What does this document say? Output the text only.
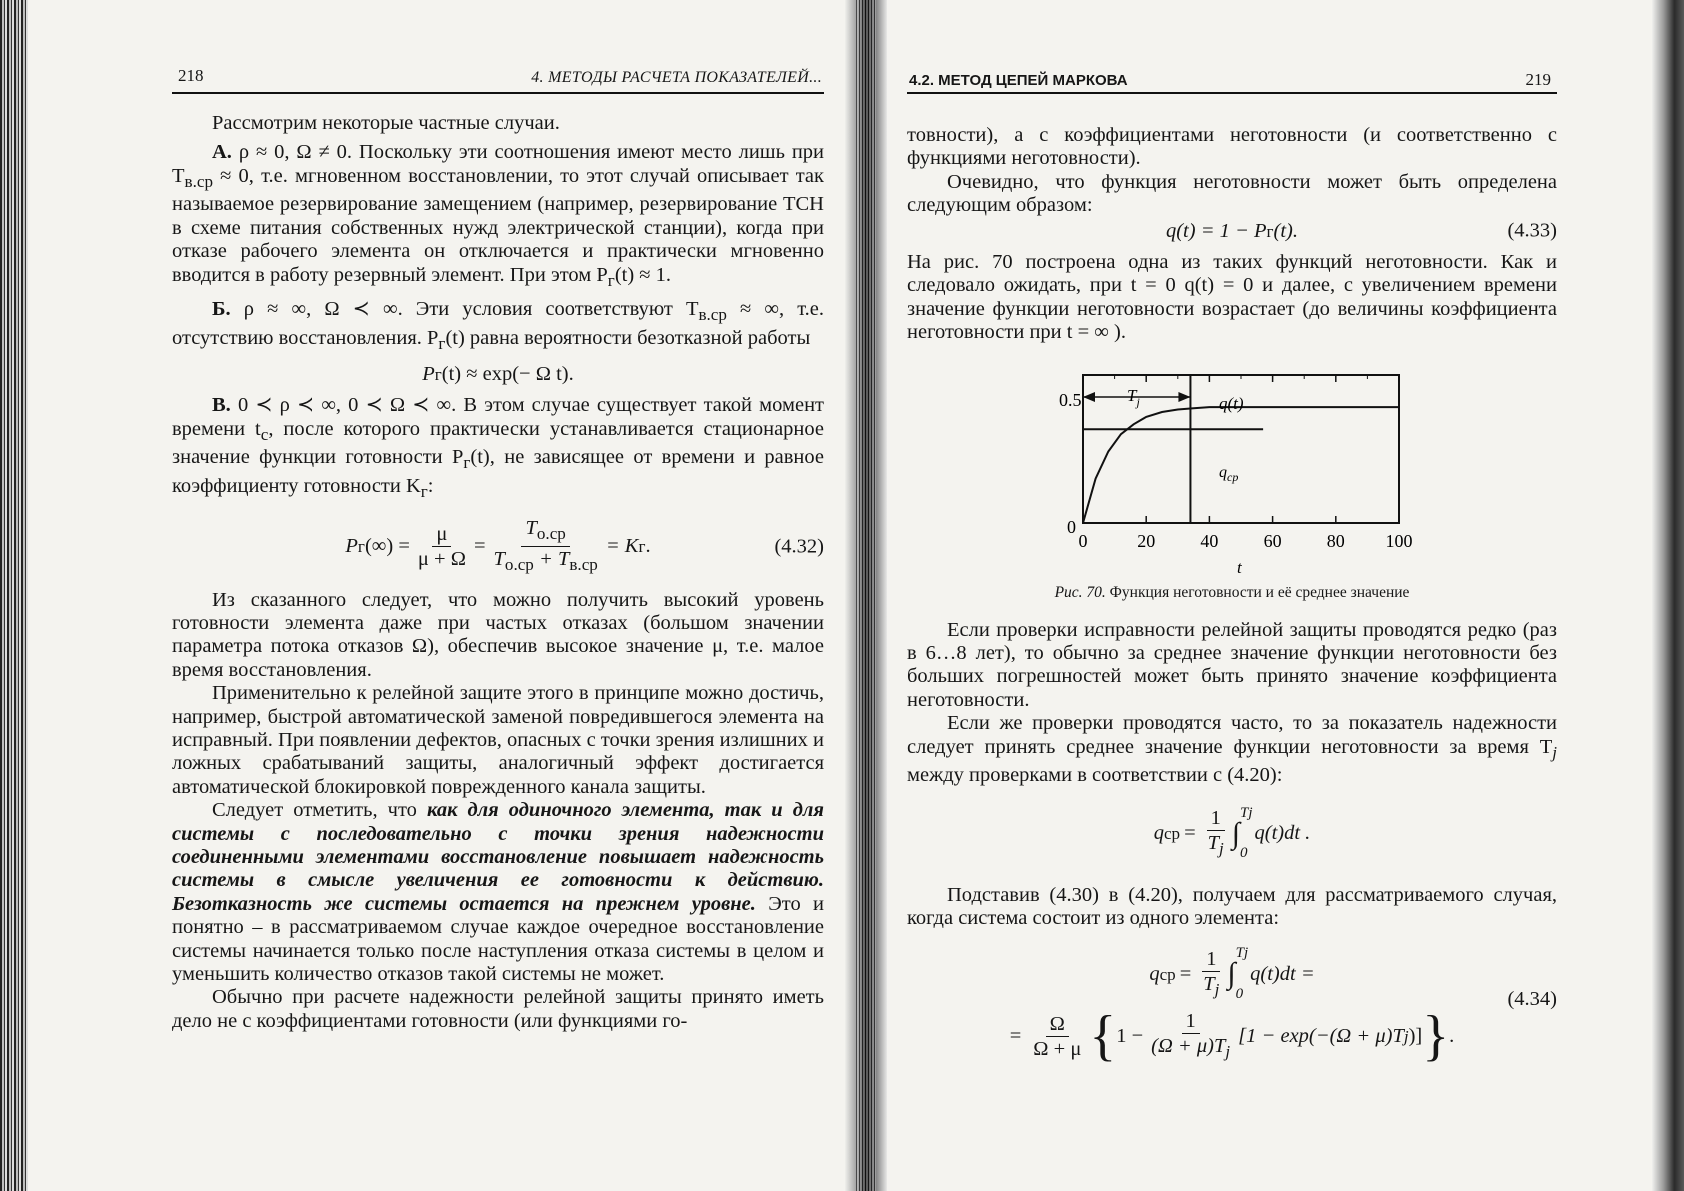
218	4. МЕТОДЫ РАСЧЕТА ПОКАЗАТЕЛЕЙ...

Рассмотрим некоторые частные случаи.

А. ρ ≈ 0, Ω ≠ 0. Поскольку эти соотношения имеют место лишь при $T_{в.ср} \approx 0$, т.е. мгновенном восстановлении, то этот случай описывает так называемое резервирование замещением (например, резервирование ТСН в схеме питания собственных нужд электрической станции), когда при отказе рабочего элемента он отключается и практически мгновенно вводится в работу резервный элемент. При этом $P_г(t) \approx 1$.

Б. ρ ≈ ∞, Ω ≺ ∞. Эти условия соответствуют $T_{в.ср}$ ≈ ∞, т.е. отсутствию восстановления. $P_г(t)$ равна вероятности безотказной работы

P г (t) ≈ exp(− Ω t).

В. 0 ≺ ρ ≺ ∞, 0 ≺ Ω ≺ ∞. В этом случае существует такой момент времени $t_c$, после которого практически устанавливается стационарное значение функции готовности $P_г(t)$, не зависящее от времени и равное коэффициенту готовности $K_г$:

P г (∞) = $\frac{\mu}{\mu + \Omega} = \frac{T_{о.ср}}{T_{о.ср} + T_{в.ср}} = K$ г .	(4.32)

Из сказанного следует, что можно получить высокий уровень готовности элемента даже при частых отказах (большом значении параметра потока отказов Ω), обеспечив высокое значение μ, т.е. малое время восстановления.

Применительно к релейной защите этого в принципе можно достичь, например, быстрой автоматической заменой повредившегося элемента на исправный. При появлении дефектов, опасных с точки зрения излишних и ложных срабатываний защиты, аналогичный эффект достигается автоматической блокировкой поврежденного канала защиты.

Следует отметить, что как для одиночного элемента, так и для системы с последовательно с точки зрения надежности соединенными элементами восстановление повышает надежность системы в смысле увеличения ее готовности к действию. Безотказность же системы остается на прежнем уровне. Это и понятно – в рассматриваемом случае каждое очередное восстановление системы начинается только после наступления отказа системы в целом и уменьшить количество отказов такой системы не может.

Обычно при расчете надежности релейной защиты принято иметь дело не с коэффициентами готовности (или функциями го-

4.2. МЕТОД ЦЕПЕЙ МАРКОВА	219

товности), а с коэффициентами неготовности (и соответственно с функциями неготовности).

Очевидно, что функция неготовности может быть определена следующим образом:

q(t) = 1 − P г (t).	(4.33)

На рис. 70 построена одна из таких функций неготовности. Как и следовало ожидать, при t = 0 q(t) = 0 и далее, с увеличением времени значение функции неготовности возрастает (до величины коэффициента неготовности при t = ∞ ).

$T_j$	q(t)
$q_{ср}$
0.5
0
0	20	40	60	80 100
t
Рис. 70. Функция неготовности и её среднее значение

Если проверки исправности релейной защиты проводятся редко (раз в 6…8 лет), то обычно за среднее значение функции неготовности без больших погрешностей может быть принято значение коэффициента неготовности.

Если же проверки проводятся часто, то за показатель надежности следует принять среднее значение функции неготовности за время $T_j$ между проверками в соответствии с (4.20):

q ср = $\frac{1}{T_j}$ ∫
Tj
0
q(t)dt .

Подставив (4.30) в (4.20), получаем для рассматриваемого случая, когда система состоит из одного элемента:

q ср = $\frac{1}{T_j}$ ∫
Tj
0
q(t)dt =
= $\frac{\Omega}{\Omega + \mu}$ { $1 - \frac{1}{(\Omega + \mu)T_j} [1 - \exp(-(\Omega + \mu)T$ j )] } .
(4.34)
